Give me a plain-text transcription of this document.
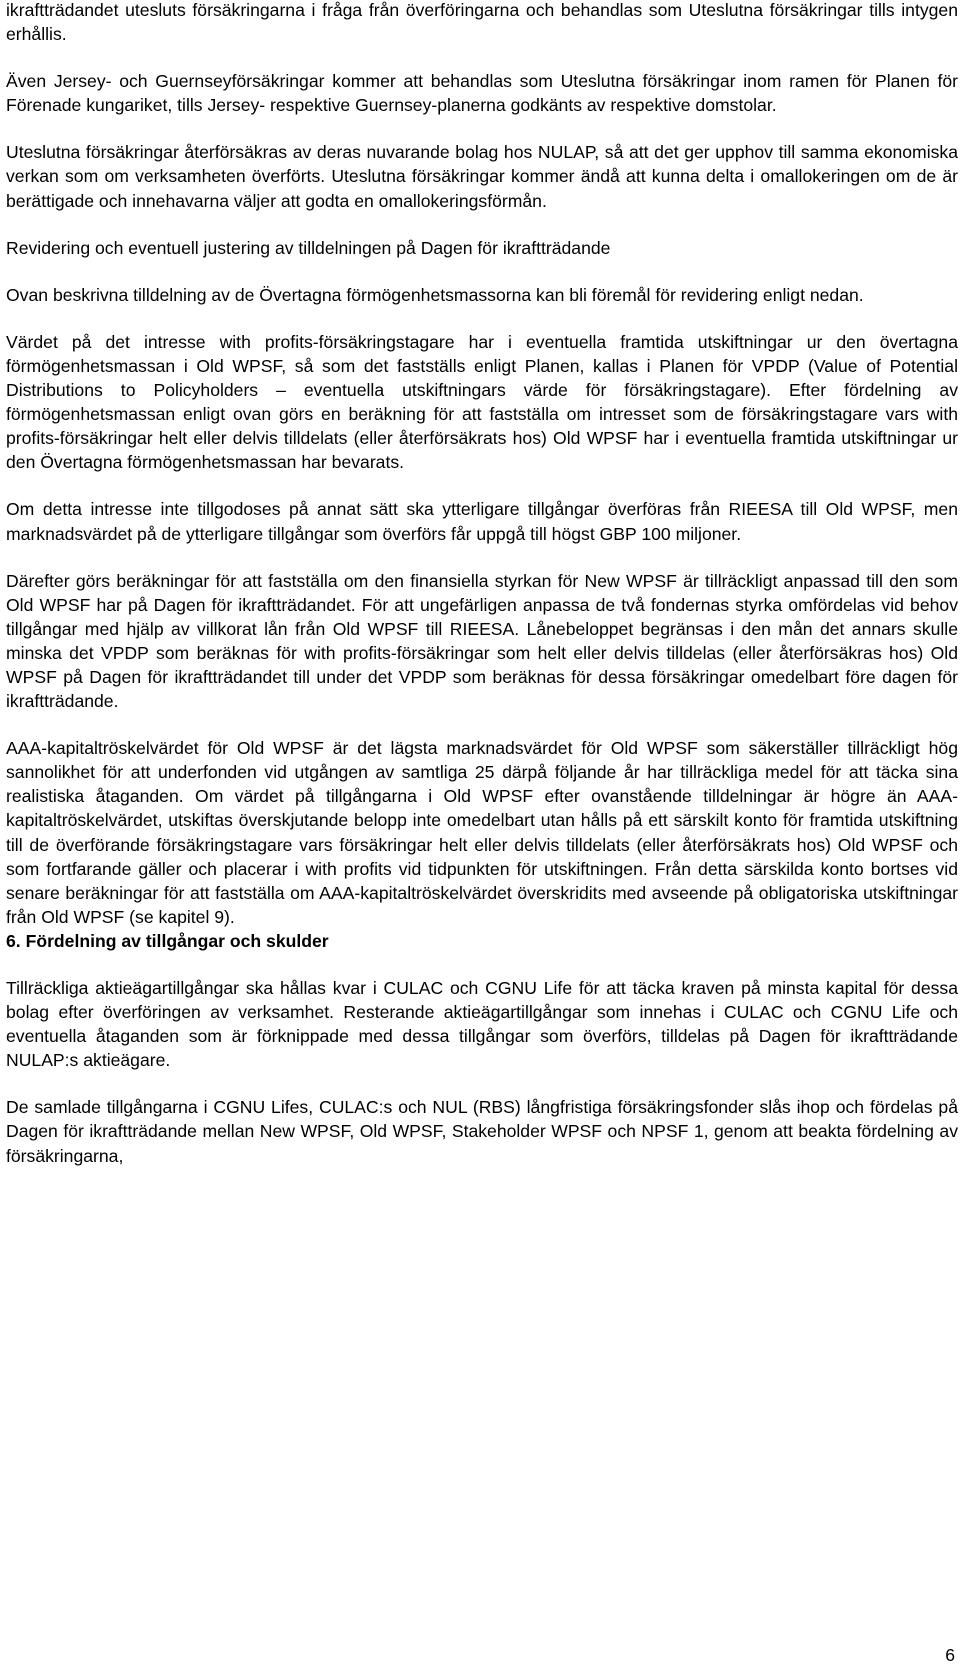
ikraftträdandet utesluts försäkringarna i fråga från överföringarna och behandlas som Uteslutna försäkringar tills intygen erhållis.

Även Jersey- och Guernseyförsäkringar kommer att behandlas som Uteslutna försäkringar inom ramen för Planen för Förenade kungariket, tills Jersey- respektive Guernsey-planerna godkänts av respektive domstolar.

Uteslutna försäkringar återförsäkras av deras nuvarande bolag hos NULAP, så att det ger upphov till samma ekonomiska verkan som om verksamheten överförts. Uteslutna försäkringar kommer ändå att kunna delta i omallokeringen om de är berättigade och innehavarna väljer att godta en omallokeringsförmån.

Revidering och eventuell justering av tilldelningen på Dagen för ikraftträdande

Ovan beskrivna tilldelning av de Övertagna förmögenhetsmassorna kan bli föremål för revidering enligt nedan.

Värdet på det intresse with profits-försäkringstagare har i eventuella framtida utskiftningar ur den övertagna förmögenhetsmassan i Old WPSF, så som det fastställs enligt Planen, kallas i Planen för VPDP (Value of Potential Distributions to Policyholders – eventuella utskiftningars värde för försäkringstagare). Efter fördelning av förmögenhetsmassan enligt ovan görs en beräkning för att fastställa om intresset som de försäkringstagare vars with profits-försäkringar helt eller delvis tilldelats (eller återförsäkrats hos) Old WPSF har i eventuella framtida utskiftningar ur den Övertagna förmögenhetsmassan har bevarats.

Om detta intresse inte tillgodoses på annat sätt ska ytterligare tillgångar överföras från RIEESA till Old WPSF, men marknadsvärdet på de ytterligare tillgångar som överförs får uppgå till högst GBP 100 miljoner.

Därefter görs beräkningar för att fastställa om den finansiella styrkan för New WPSF är tillräckligt anpassad till den som Old WPSF har på Dagen för ikraftträdandet. För att ungefärligen anpassa de två fondernas styrka omfördelas vid behov tillgångar med hjälp av villkorat lån från Old WPSF till RIEESA. Lånebeloppet begränsas i den mån det annars skulle minska det VPDP som beräknas för with profits-försäkringar som helt eller delvis tilldelas (eller återförsäkras hos) Old WPSF på Dagen för ikraftträdandet till under det VPDP som beräknas för dessa försäkringar omedelbart före dagen för ikraftträdande.

AAA-kapitaltröskelvärdet för Old WPSF är det lägsta marknadsvärdet för Old WPSF som säkerställer tillräckligt hög sannolikhet för att underfonden vid utgången av samtliga 25 därpå följande år har tillräckliga medel för att täcka sina realistiska åtaganden. Om värdet på tillgångarna i Old WPSF efter ovanstående tilldelningar är högre än AAA-kapitaltröskelvärdet, utskiftas överskjutande belopp inte omedelbart utan hålls på ett särskilt konto för framtida utskiftning till de överförande försäkringstagare vars försäkringar helt eller delvis tilldelats (eller återförsäkrats hos) Old WPSF och som fortfarande gäller och placerar i with profits vid tidpunkten för utskiftningen. Från detta särskilda konto bortses vid senare beräkningar för att fastställa om AAA-kapitaltröskelvärdet överskridits med avseende på obligatoriska utskiftningar från Old WPSF (se kapitel 9).

6. Fördelning av tillgångar och skulder

Tillräckliga aktieägartillgångar ska hållas kvar i CULAC och CGNU Life för att täcka kraven på minsta kapital för dessa bolag efter överföringen av verksamhet. Resterande aktieägartillgångar som innehas i CULAC och CGNU Life och eventuella åtaganden som är förknippade med dessa tillgångar som överförs, tilldelas på Dagen för ikraftträdande NULAP:s aktieägare.

De samlade tillgångarna i CGNU Lifes, CULAC:s och NUL (RBS) långfristiga försäkringsfonder slås ihop och fördelas på Dagen för ikraftträdande mellan New WPSF, Old WPSF, Stakeholder WPSF och NPSF 1, genom att beakta fördelning av försäkringarna,

6
